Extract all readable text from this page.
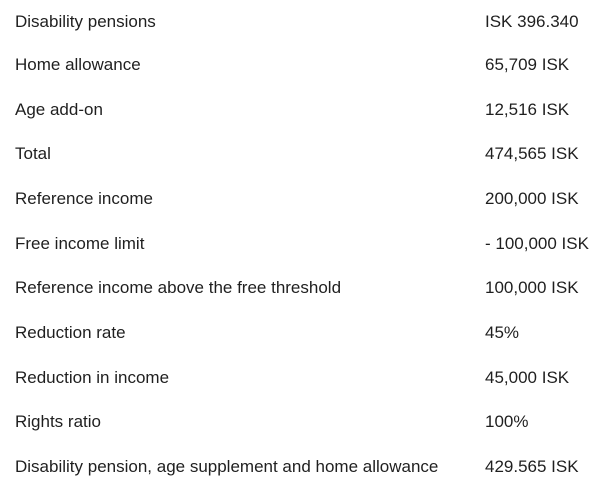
Disability pensions	ISK 396.340
Home allowance	65,709 ISK
Age add-on	12,516 ISK
Total	474,565 ISK
Reference income	200,000 ISK
Free income limit	- 100,000 ISK
Reference income above the free threshold	100,000 ISK
Reduction rate	45%
Reduction in income	45,000 ISK
Rights ratio	100%
Disability pension, age supplement and home allowance	429.565 ISK
